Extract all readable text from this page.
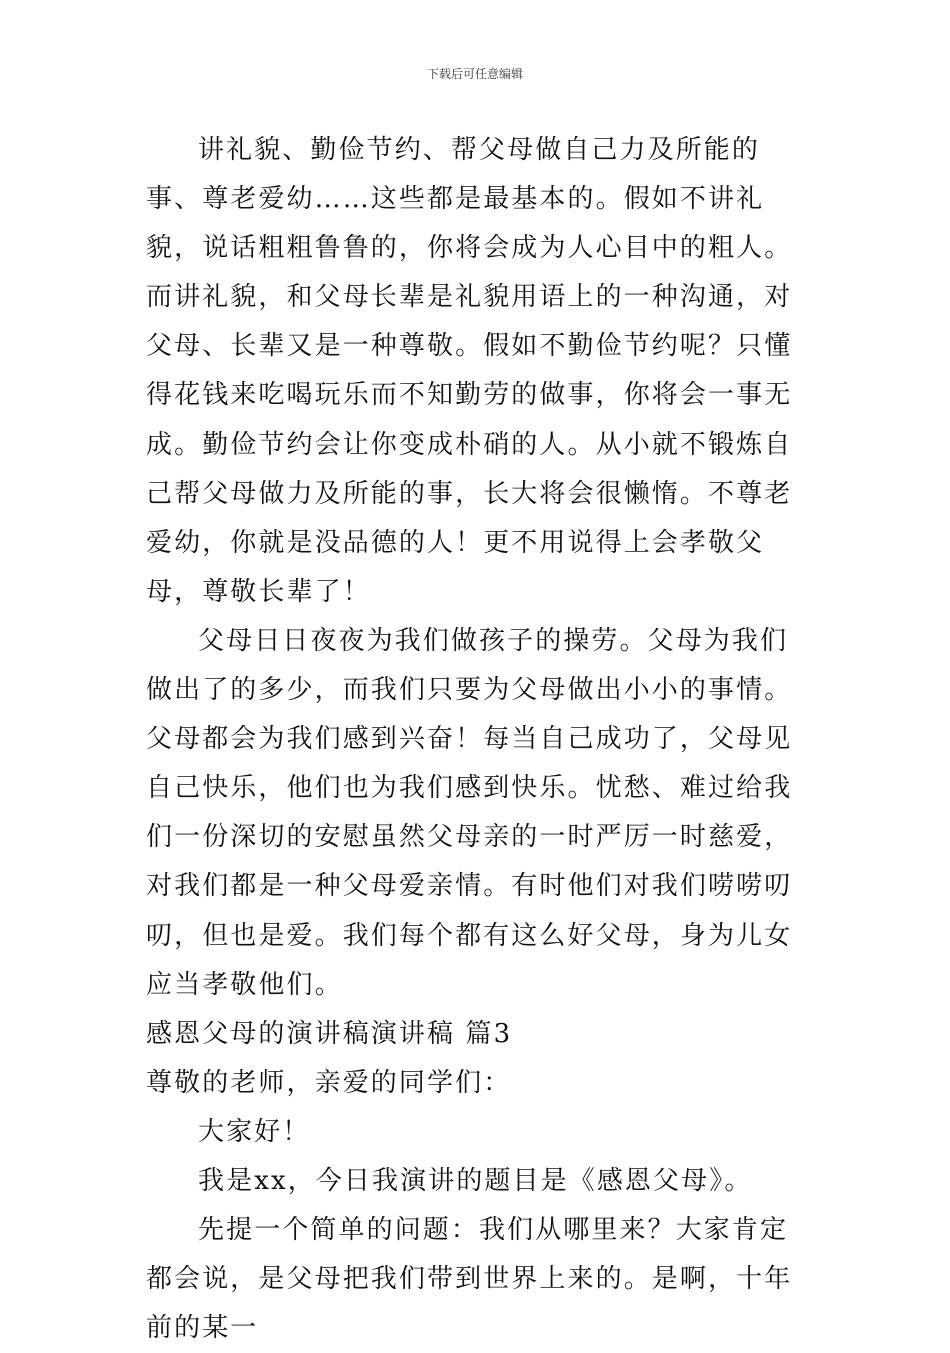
下载后可任意编辑

讲礼貌、勤俭节约、帮父母做自己力及所能的事、尊老爱幼……这些都是最基本的。假如不讲礼貌，说话粗粗鲁鲁的，你将会成为人心目中的粗人。而讲礼貌，和父母长辈是礼貌用语上的一种沟通，对父母、长辈又是一种尊敬。假如不勤俭节约呢？只懂得花钱来吃喝玩乐而不知勤劳的做事，你将会一事无成。勤俭节约会让你变成朴硝的人。从小就不锻炼自己帮父母做力及所能的事，长大将会很懒惰。不尊老爱幼，你就是没品德的人！更不用说得上会孝敬父母，尊敬长辈了！

父母日日夜夜为我们做孩子的操劳。父母为我们做出了的多少，而我们只要为父母做出小小的事情。父母都会为我们感到兴奋！每当自己成功了，父母见自己快乐，他们也为我们感到快乐。忧愁、难过给我们一份深切的安慰虽然父母亲的一时严厉一时慈爱，对我们都是一种父母爱亲情。有时他们对我们唠唠叨叨，但也是爱。我们每个都有这么好父母，身为儿女应当孝敬他们。

感恩父母的演讲稿演讲稿 篇3

尊敬的老师，亲爱的同学们：

大家好！

我是xx，今日我演讲的题目是《感恩父母》。

先提一个简单的问题：我们从哪里来？大家肯定都会说，是父母把我们带到世界上来的。是啊，十年前的某一
